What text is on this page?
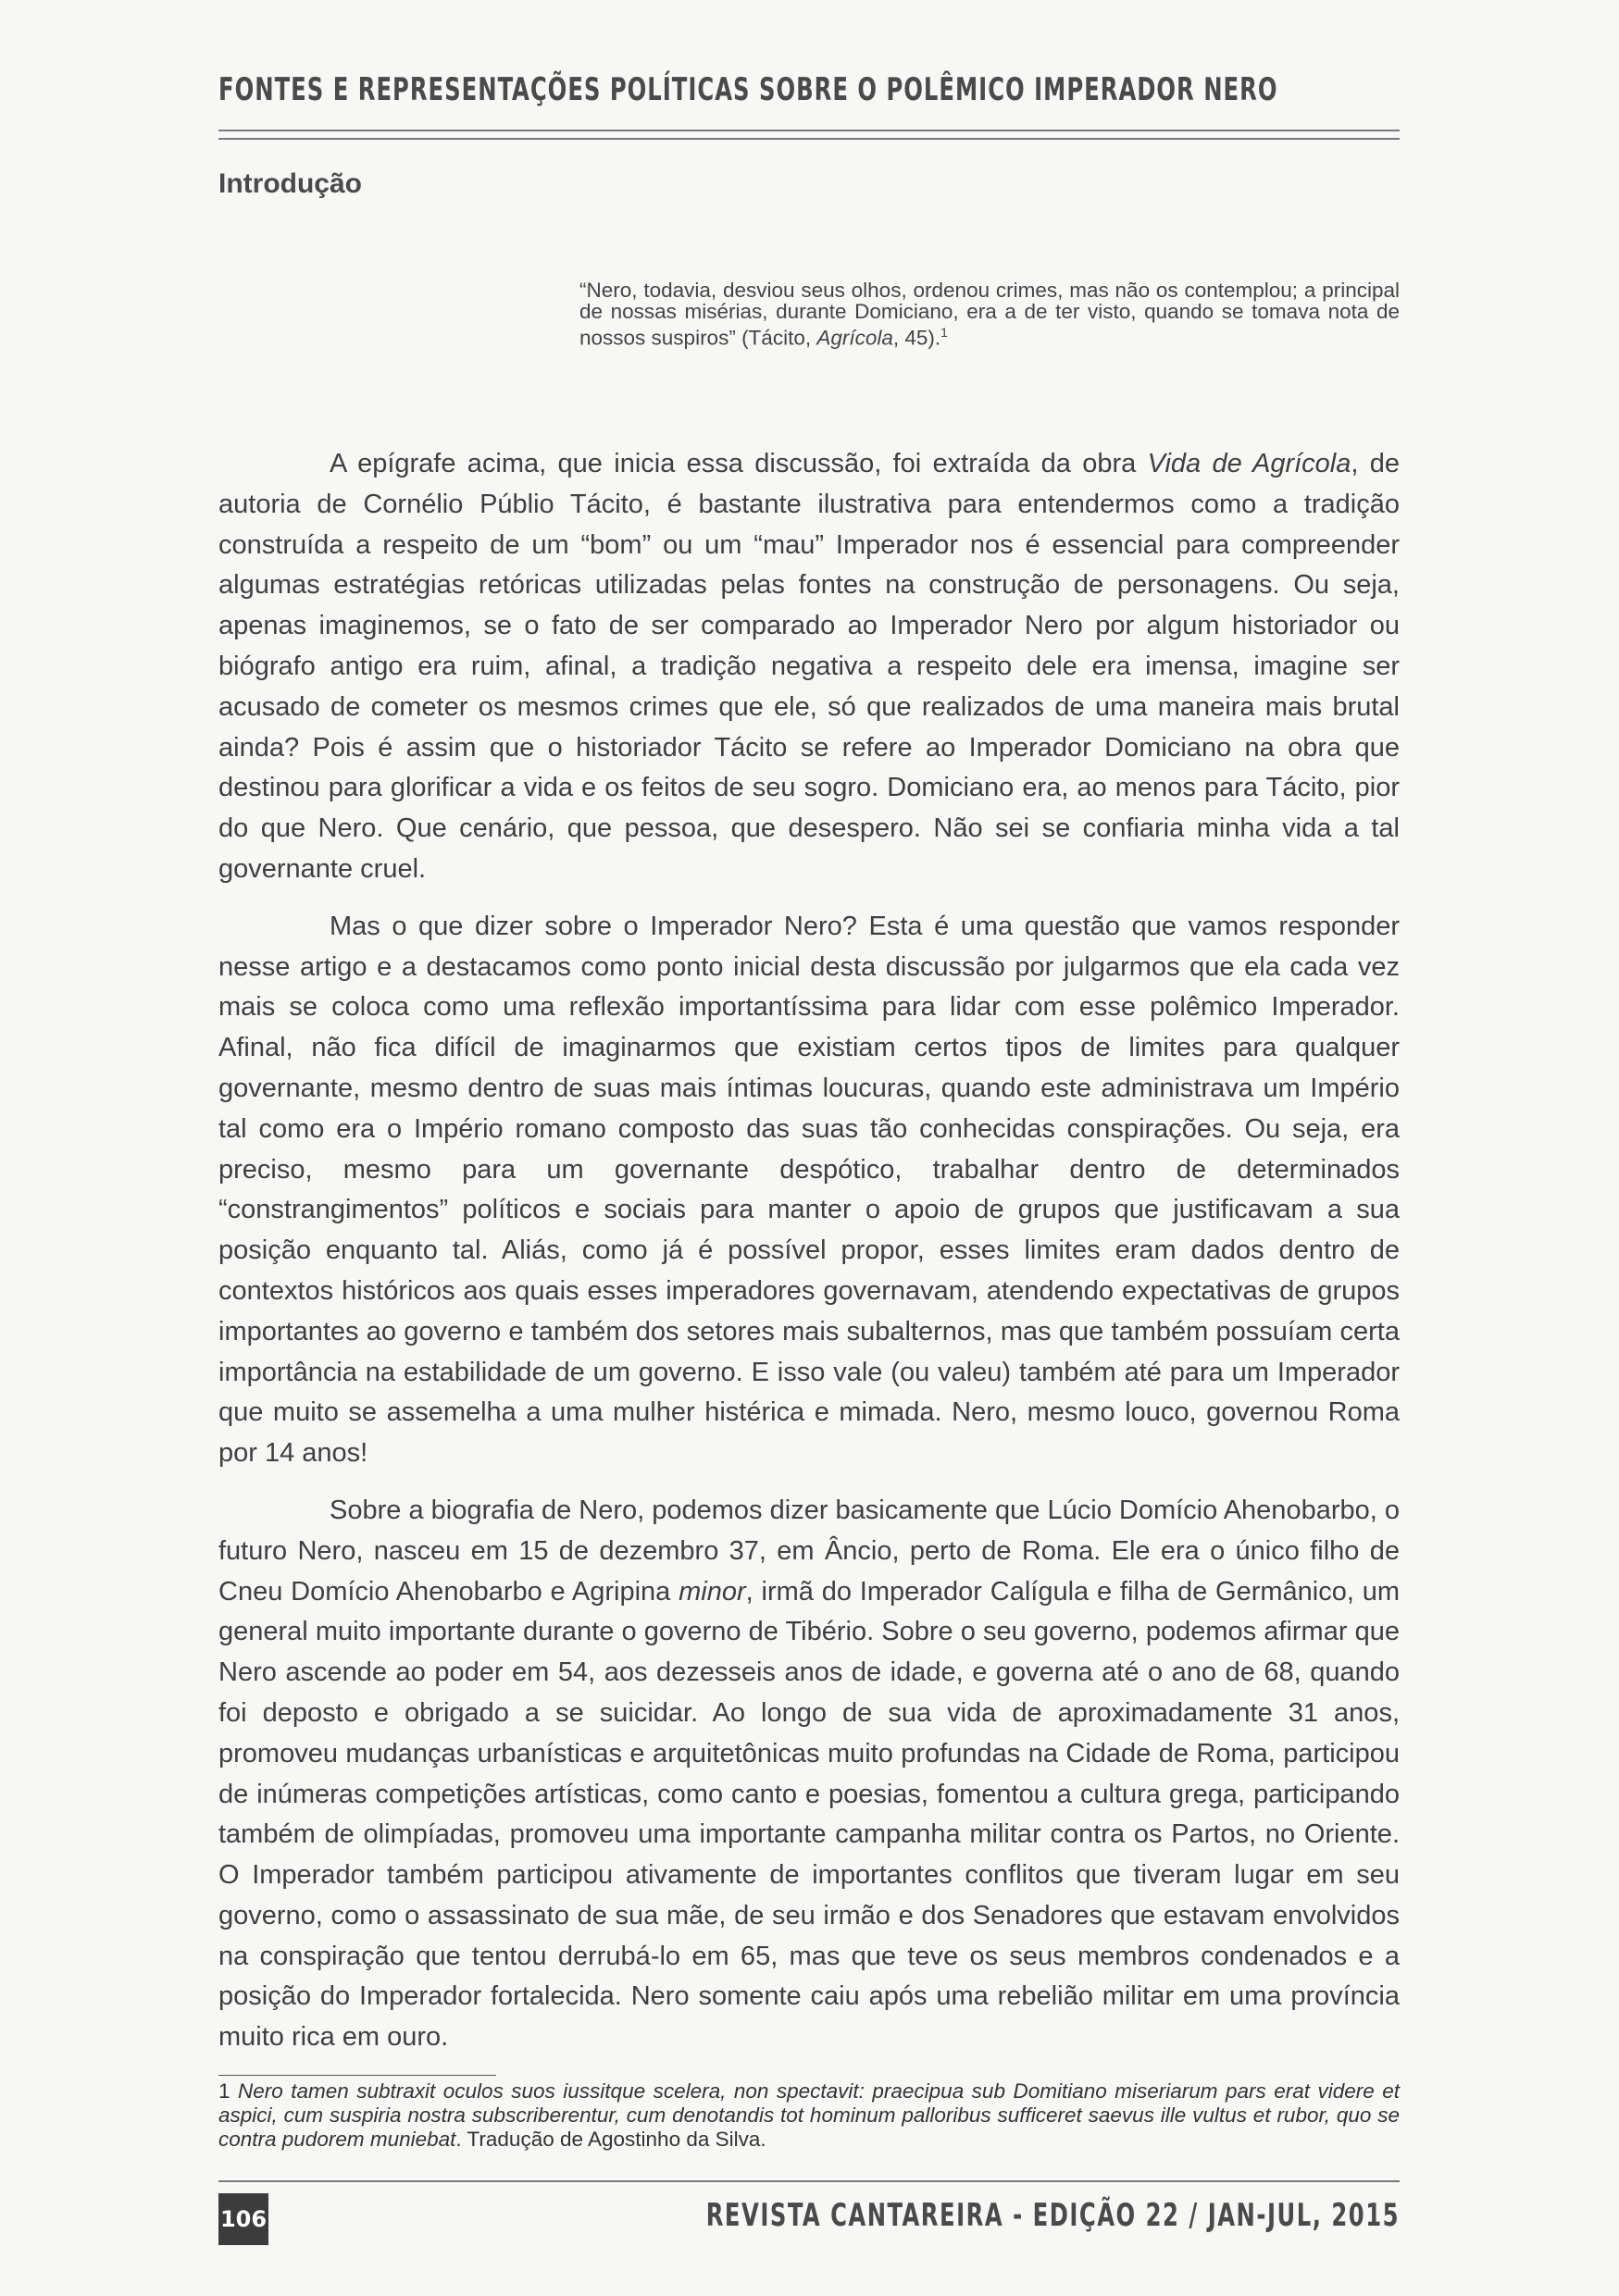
FONTES E REPRESENTAÇÕES POLÍTICAS SOBRE O POLÊMICO IMPERADOR NERO
Introdução
“Nero, todavia, desviou seus olhos, ordenou crimes, mas não os contemplou; a principal de nossas misérias, durante Domiciano, era a de ter visto, quando se tomava nota de nossos suspiros” (Tácito, Agrícola, 45).$^1$

A epígrafe acima, que inicia essa discussão, foi extraída da obra Vida de Agrícola, de autoria de Cornélio Públio Tácito, é bastante ilustrativa para entendermos como a tradição construída a respeito de um “bom” ou um “mau” Imperador nos é essencial para compreender algumas estratégias retóricas utilizadas pelas fontes na construção de personagens. Ou seja, apenas imaginemos, se o fato de ser comparado ao Imperador Nero por algum historiador ou biógrafo antigo era ruim, afinal, a tradição negativa a respeito dele era imensa, imagine ser acusado de cometer os mesmos crimes que ele, só que realizados de uma maneira mais brutal ainda? Pois é assim que o historiador Tácito se refere ao Imperador Domiciano na obra que destinou para glorificar a vida e os feitos de seu sogro. Domiciano era, ao menos para Tácito, pior do que Nero. Que cenário, que pessoa, que desespero. Não sei se confiaria minha vida a tal governante cruel.

Mas o que dizer sobre o Imperador Nero? Esta é uma questão que vamos responder nesse artigo e a destacamos como ponto inicial desta discussão por julgarmos que ela cada vez mais se coloca como uma reflexão importantíssima para lidar com esse polêmico Imperador. Afinal, não fica difícil de imaginarmos que existiam certos tipos de limites para qualquer governante, mesmo dentro de suas mais íntimas loucuras, quando este administrava um Império tal como era o Império romano composto das suas tão conhecidas conspirações. Ou seja, era preciso, mesmo para um governante despótico, trabalhar dentro de determinados “constrangimentos” políticos e sociais para manter o apoio de grupos que justificavam a sua posição enquanto tal. Aliás, como já é possível propor, esses limites eram dados dentro de contextos históricos aos quais esses imperadores governavam, atendendo expectativas de grupos importantes ao governo e também dos setores mais subalternos, mas que também possuíam certa importância na estabilidade de um governo. E isso vale (ou valeu) também até para um Imperador que muito se assemelha a uma mulher histérica e mimada. Nero, mesmo louco, governou Roma por 14 anos!

Sobre a biografia de Nero, podemos dizer basicamente que Lúcio Domício Ahenobarbo, o futuro Nero, nasceu em 15 de dezembro 37, em Âncio, perto de Roma. Ele era o único filho de Cneu Domício Ahenobarbo e Agripina minor, irmã do Imperador Calígula e filha de Germânico, um general muito importante durante o governo de Tibério. Sobre o seu governo, podemos afirmar que Nero ascende ao poder em 54, aos dezesseis anos de idade, e governa até o ano de 68, quando foi deposto e obrigado a se suicidar. Ao longo de sua vida de aproximadamente 31 anos, promoveu mudanças urbanísticas e arquitetônicas muito profundas na Cidade de Roma, participou de inúmeras competições artísticas, como canto e poesias, fomentou a cultura grega, participando também de olimpíadas, promoveu uma importante campanha militar contra os Partos, no Oriente. O Imperador também participou ativamente de importantes conflitos que tiveram lugar em seu governo, como o assassinato de sua mãe, de seu irmão e dos Senadores que estavam envolvidos na conspiração que tentou derrubá-lo em 65, mas que teve os seus membros condenados e a posição do Imperador fortalecida. Nero somente caiu após uma rebelião militar em uma província muito rica em ouro.

1 Nero tamen subtraxit oculos suos iussitque scelera, non spectavit: praecipua sub Domitiano miseriarum pars erat videre et aspici, cum suspiria nostra subscriberentur, cum denotandis tot hominum palloribus sufficeret saevus ille vultus et rubor, quo se contra pudorem muniebat. Tradução de Agostinho da Silva.
106	REVISTA CANTAREIRA - EDIÇÃO 22 / JAN-JUL, 2015
